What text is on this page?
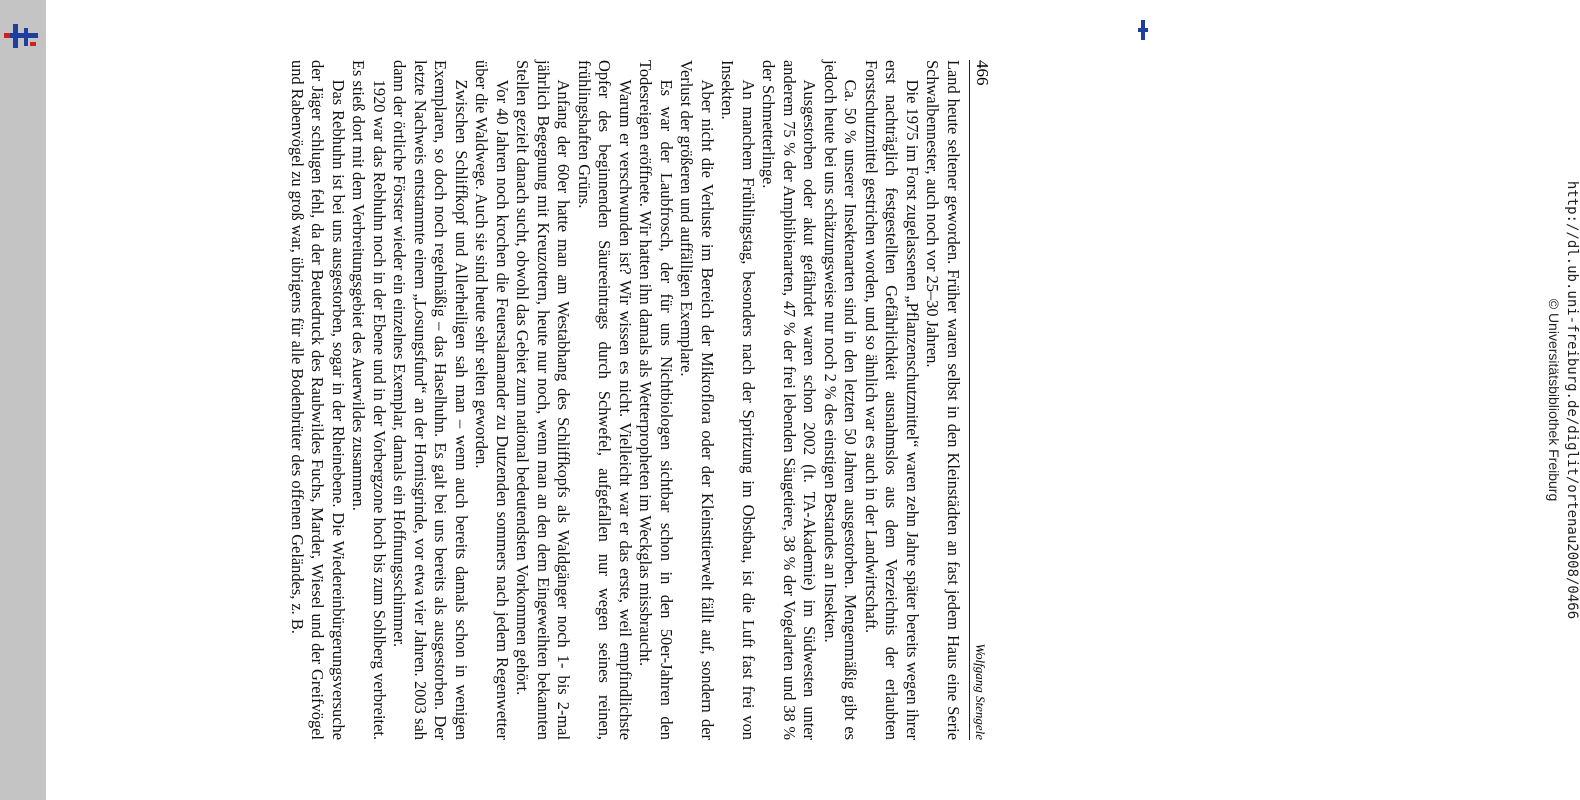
http://dl.ub.uni-freiburg.de/diglit/ortenau2008/0466
© Universitätsbibliothek Freiburg
466
Wolfgang Stengele

Land heute seltener geworden. Früher waren selbst in den Kleinstädten an fast jedem Haus eine Serie Schwalbennester, auch noch vor 25–30 Jahren.

Die 1975 im Forst zugelassenen „Pflanzenschutzmittel“ waren zehn Jahre später bereits wegen ihrer erst nachträglich festgestellten Gefährlichkeit ausnahmslos aus dem Verzeichnis der erlaubten Forstschutzmittel gestrichen worden, und so ähnlich war es auch in der Landwirtschaft.

Ca. 50 % unserer Insektenarten sind in den letzten 50 Jahren ausgestorben. Mengenmäßig gibt es jedoch heute bei uns schätzungsweise nur noch 2 % des einstigen Bestandes an Insekten.

Ausgestorben oder akut gefährdet waren schon 2002 (lt. TA-Akademie) im Südwesten unter anderem 75 % der Amphibienarten, 47 % der frei lebenden Säugetiere, 38 % der Vogelarten und 38 % der Schmetterlinge.

An manchem Frühlingstag, besonders nach der Spritzung im Obstbau, ist die Luft fast frei von Insekten.

Aber nicht die Verluste im Bereich der Mikroflora oder der Kleinsttierwelt fällt auf, sondern der Verlust der größeren und auffälligen Exemplare.

Es war der Laubfrosch, der für uns Nichtbiologen sichtbar schon in den 50er-Jahren den Todesreigen eröffnete. Wir hatten ihn damals als Wetterpropheten im Weckglas missbraucht.

Warum er verschwunden ist? Wir wissen es nicht. Vielleicht war er das erste, weil empfindlichste Opfer des beginnenden Säureeintrags durch Schwefel, aufgefallen nur wegen seines reinen, frühlingshaften Grüns.

Anfang der 60er hatte man am Westabhang des Schliffkopfs als Waldgänger noch 1- bis 2-mal jährlich Begegnung mit Kreuzottern, heute nur noch, wenn man an den dem Eingeweihten bekannten Stellen gezielt danach sucht, obwohl das Gebiet zum national bedeutendsten Vorkommen gehört.

Vor 40 Jahren noch krochen die Feuersalamander zu Dutzenden sommers nach jedem Regenwetter über die Waldwege. Auch sie sind heute sehr selten geworden.

Zwischen Schliffkopf und Allerheiligen sah man – wenn auch bereits damals schon in wenigen Exemplaren, so doch noch regelmäßig – das Haselhuhn. Es galt bei uns bereits als ausgestorben. Der letzte Nachweis entstammte einem „Losungsfund“ an der Hornisgrinde, vor etwa vier Jahren. 2003 sah dann der örtliche Förster wieder ein einzelnes Exemplar, damals ein Hoffnungsschimmer.

1920 war das Rebhuhn noch in der Ebene und in der Vorbergzone hoch bis zum Sohlberg verbreitet. Es stieß dort mit dem Verbreitungsgebiet des Auerwildes zusammen.

Das Rebhuhn ist bei uns ausgestorben, sogar in der Rheinebene. Die Wiedereinbürgerungsversuche der Jäger schlugen fehl, da der Beutedruck des Raubwildes Fuchs, Marder, Wiesel und der Greifvögel und Rabenvögel zu groß war, übrigens für alle Bodenbrüter des offenen Geländes, z. B.
